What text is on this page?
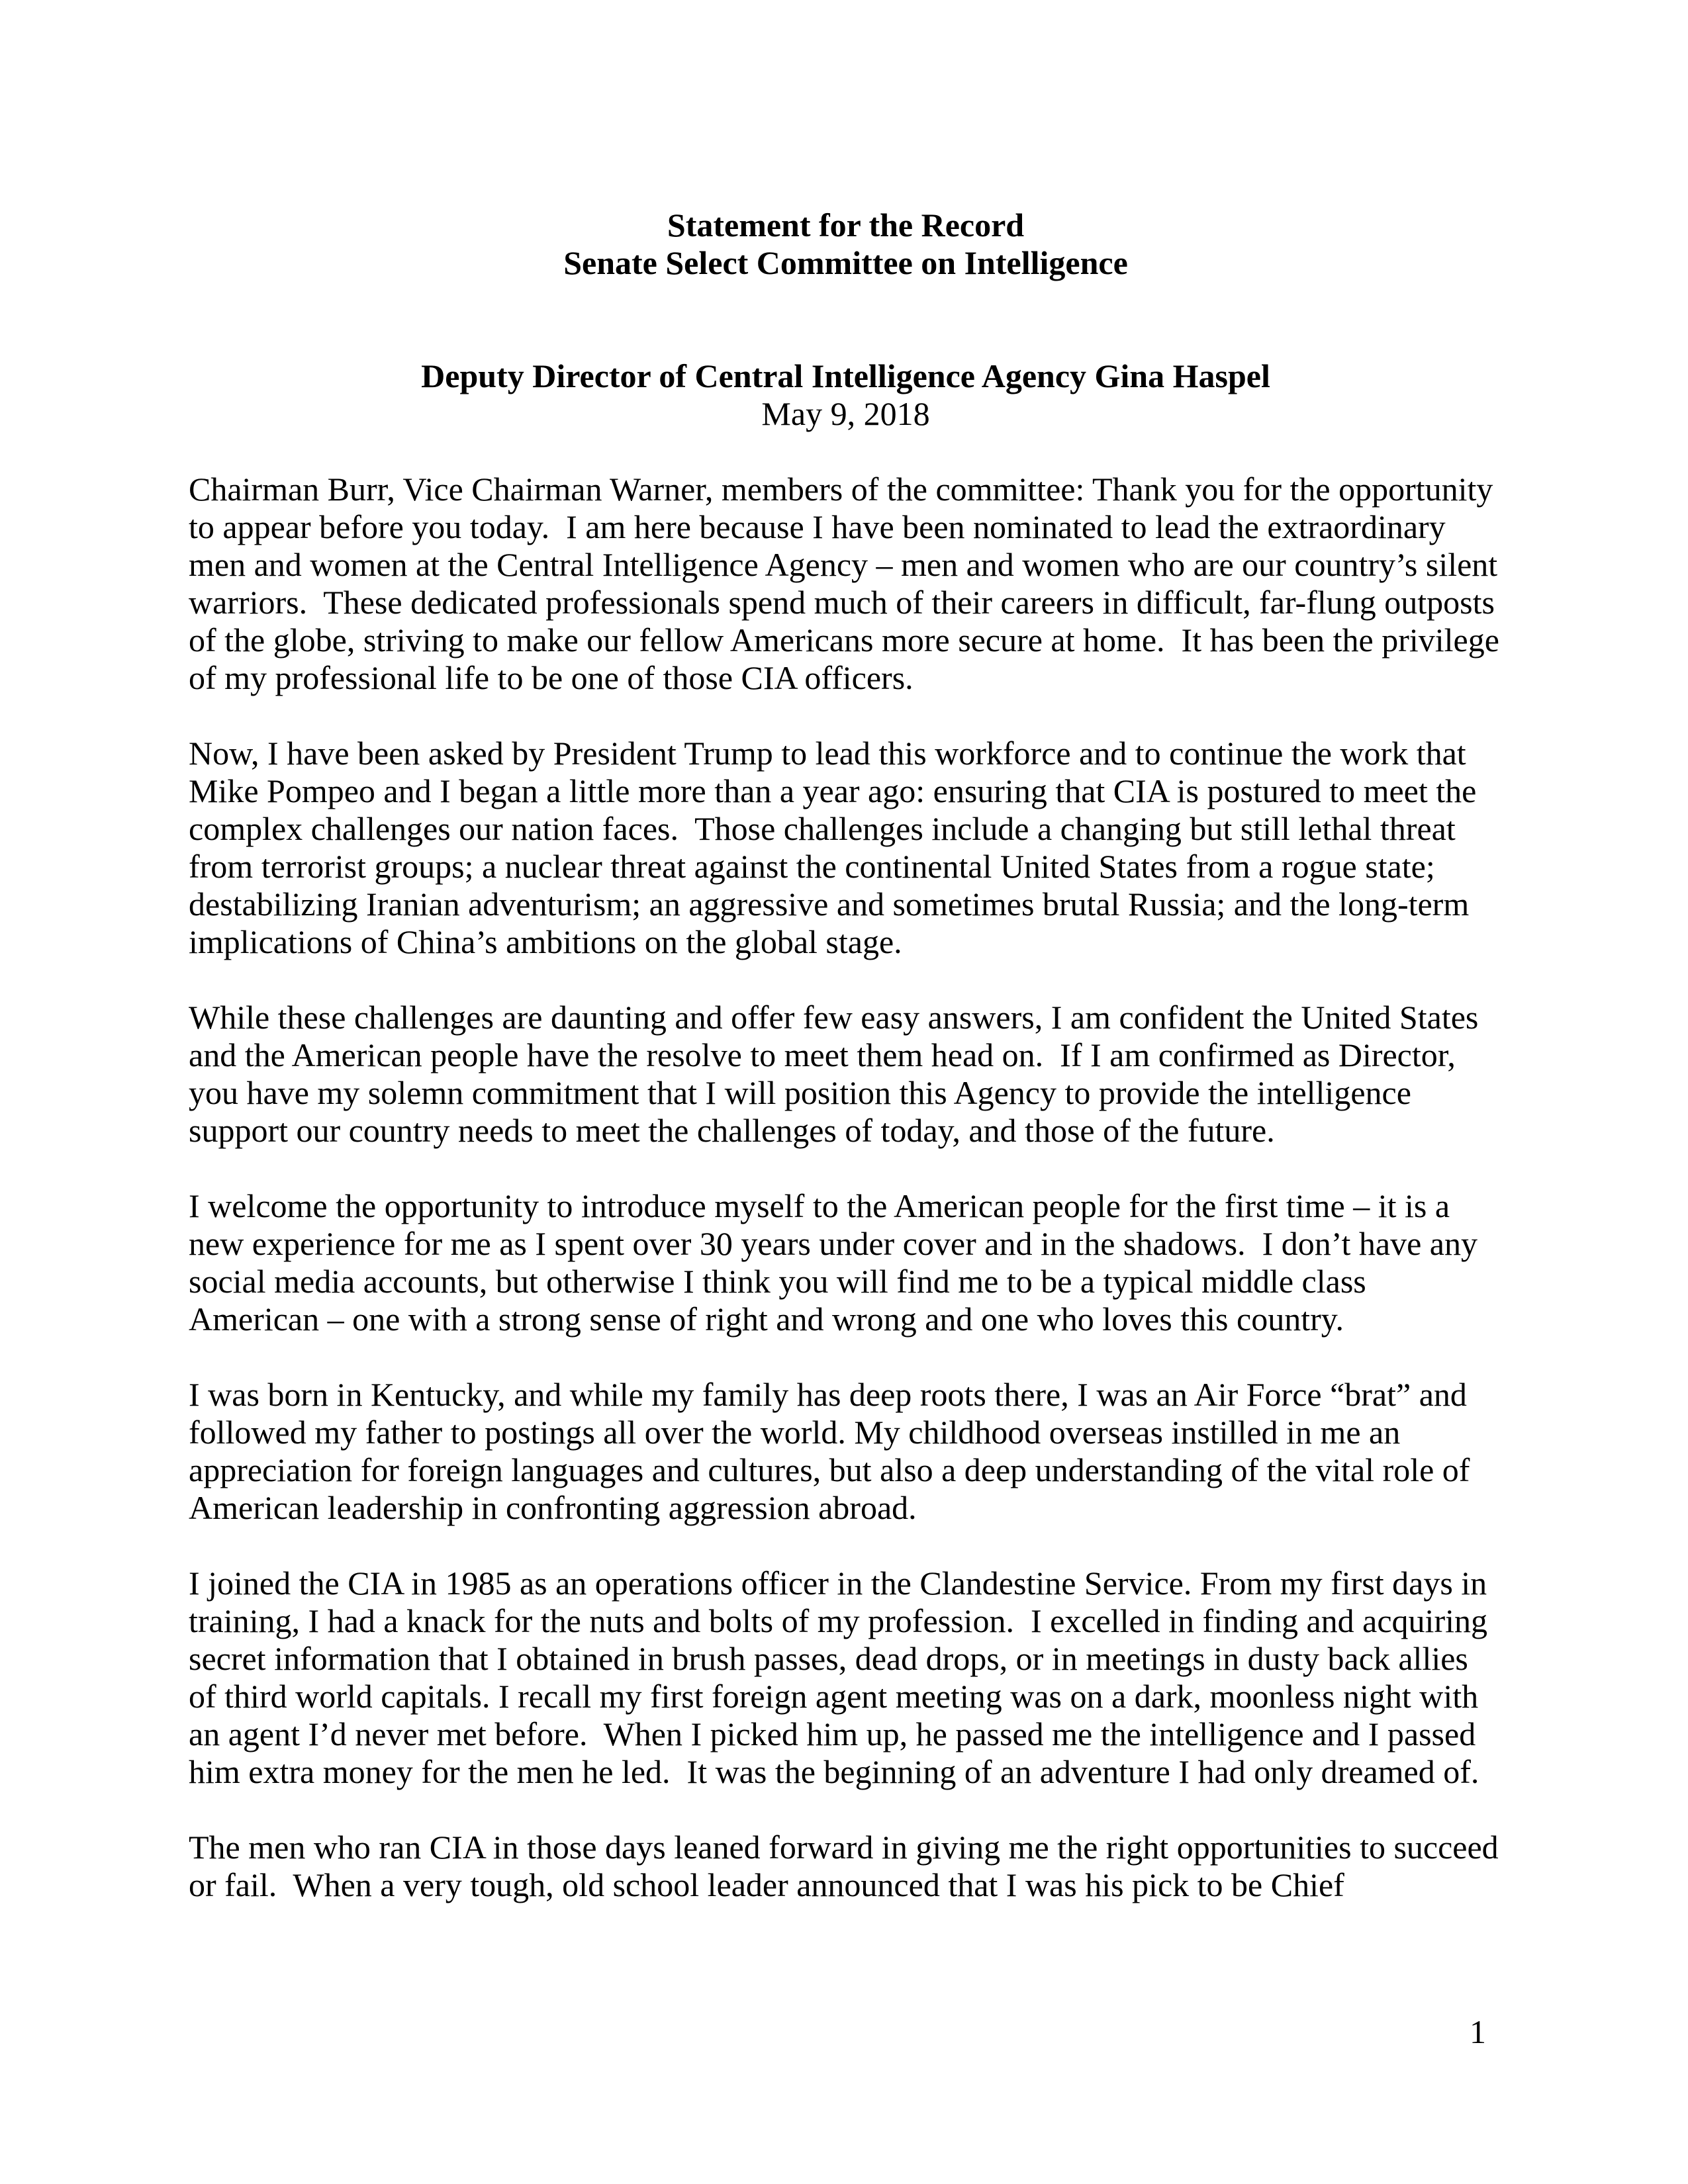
Statement for the Record
Senate Select Committee on Intelligence
Deputy Director of Central Intelligence Agency Gina Haspel
May 9, 2018

Chairman Burr, Vice Chairman Warner, members of the committee: Thank you for the opportunity to appear before you today.  I am here because I have been nominated to lead the extraordinary men and women at the Central Intelligence Agency – men and women who are our country’s silent warriors.  These dedicated professionals spend much of their careers in difficult, far-flung outposts of the globe, striving to make our fellow Americans more secure at home.  It has been the privilege of my professional life to be one of those CIA officers.

Now, I have been asked by President Trump to lead this workforce and to continue the work that Mike Pompeo and I began a little more than a year ago: ensuring that CIA is postured to meet the complex challenges our nation faces.  Those challenges include a changing but still lethal threat from terrorist groups; a nuclear threat against the continental United States from a rogue state; destabilizing Iranian adventurism; an aggressive and sometimes brutal Russia; and the long-term implications of China’s ambitions on the global stage.

While these challenges are daunting and offer few easy answers, I am confident the United States and the American people have the resolve to meet them head on.  If I am confirmed as Director, you have my solemn commitment that I will position this Agency to provide the intelligence support our country needs to meet the challenges of today, and those of the future.

I welcome the opportunity to introduce myself to the American people for the first time – it is a new experience for me as I spent over 30 years under cover and in the shadows.  I don’t have any social media accounts, but otherwise I think you will find me to be a typical middle class American – one with a strong sense of right and wrong and one who loves this country.

I was born in Kentucky, and while my family has deep roots there, I was an Air Force “brat” and followed my father to postings all over the world. My childhood overseas instilled in me an appreciation for foreign languages and cultures, but also a deep understanding of the vital role of American leadership in confronting aggression abroad.

I joined the CIA in 1985 as an operations officer in the Clandestine Service. From my first days in training, I had a knack for the nuts and bolts of my profession.  I excelled in finding and acquiring secret information that I obtained in brush passes, dead drops, or in meetings in dusty back allies of third world capitals. I recall my first foreign agent meeting was on a dark, moonless night with an agent I’d never met before.  When I picked him up, he passed me the intelligence and I passed him extra money for the men he led.  It was the beginning of an adventure I had only dreamed of.

The men who ran CIA in those days leaned forward in giving me the right opportunities to succeed or fail.  When a very tough, old school leader announced that I was his pick to be Chief

1
